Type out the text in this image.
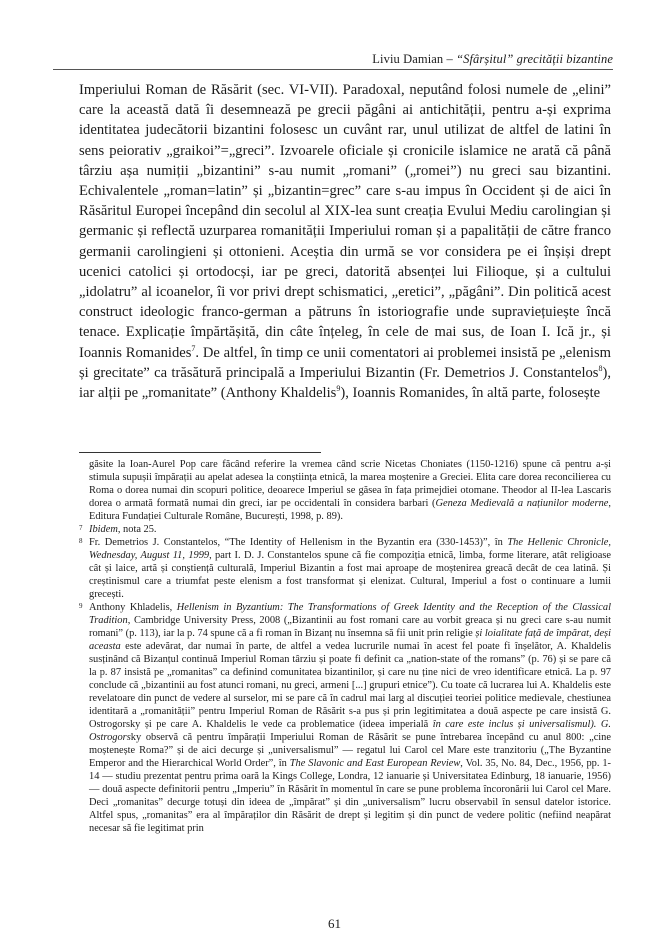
Liviu Damian – “Sfârșitul” grecității bizantine

Imperiului Roman de Răsărit (sec. VI-VII). Paradoxal, neputând folosi numele de „elini” care la această dată îi desemnează pe grecii păgâni ai antichității, pentru a-și exprima identitatea judecătorii bizantini folosesc un cuvânt rar, unul utilizat de altfel de latini în sens peiorativ „graikoi”=„greci”. Izvoarele oficiale și cronicile islamice ne arată că până târziu așa numiții „bizantini” s-au numit „romani” („romei”) nu greci sau bizantini. Echivalentele „roman=latin” și „bizantin=grec” care s-au impus în Occident și de aici în Răsăritul Europei începând din secolul al XIX-lea sunt creația Evului Mediu carolingian și germanic și reflectă uzurparea romanității Imperiului roman și a papalității de către franco germanii carolingieni și ottonieni. Aceștia din urmă se vor considera pe ei înșiși drept ucenici catolici și ortodocși, iar pe greci, datorită absenței lui Filioque, și a cultului „idolatru” al icoanelor, îi vor privi drept schismatici, „eretici”, „păgâni”. Din politică acest construct ideologic franco-german a pătruns în istoriografie unde supraviețuiește încă tenace. Explicație împărtășită, din câte înțeleg, în cele de mai sus, de Ioan I. Ică jr., și Ioannis Romanides$^7$. De altfel, în timp ce unii comentatori ai problemei insistă pe „elenism și grecitate” ca trăsătură principală a Imperiului Bizantin (Fr. Demetrios J. Constantelos$^8$), iar alții pe „romanitate” (Anthony Khaldelis$^9$), Ioannis Romanides, în altă parte, folosește

găsite la Ioan-Aurel Pop care făcând referire la vremea când scrie Nicetas Choniates (1150-1216) spune că pentru a-și stimula supușii împărații au apelat adesea la conștiința etnică, la marea moștenire a Greciei. Elita care dorea reconcilierea cu Roma o dorea numai din scopuri politice, deoarece Imperiul se găsea în fața primejdiei otomane. Theodor al II-lea Lascaris dorea o armată formată numai din greci, iar pe occidentali în considera barbari (Geneza Medievală a națiunilor moderne, Editura Fundației Culturale Române, București, 1998, p. 89).

7 Ibidem, nota 25.

8 Fr. Demetrios J. Constantelos, “The Identity of Hellenism in the Byzantin era (330-1453)”, în The Hellenic Chronicle, Wednesday, August 11, 1999, part I. D. J. Constantelos spune că fie compoziția etnică, limba, forme literare, atât religioase cât și laice, artă și conștiență culturală, Imperiul Bizantin a fost mai aproape de moștenirea greacă decât de cea latină. Și creștinismul care a triumfat peste elenism a fost transformat și elenizat. Cultural, Imperiul a fost o continuare a lumii grecești.

9 Anthony Khladelis, Hellenism in Byzantium: The Transformations of Greek Identity and the Reception of the Classical Tradition, Cambridge University Press, 2008 („Bizantinii au fost romani care au vorbit greaca și nu greci care s-au numit romani” (p. 113), iar la p. 74 spune că a fi roman în Bizanț nu însemna să fii unit prin religie și loialitate față de împărat, deși aceasta este adevărat, dar numai în parte, de altfel a vedea lucrurile numai în acest fel poate fi înșelător, A. Khaldelis susținând că Bizanțul continuă Imperiul Roman târziu și poate fi definit ca „nation-state of the romans” (p. 76) și se pare că la p. 87 insistă pe „romanitas” ca definind comunitatea bizantinilor, și care nu ține nici de vreo identificare etnică. La p. 97 conclude că „bizantinii au fost atunci romani, nu greci, armeni [...] grupuri etnice”). Cu toate că lucrarea lui A. Khaldelis este revelatoare din punct de vedere al surselor, mi se pare că în cadrul mai larg al discuției teoriei politice medievale, chestiunea identitară a „romanității” pentru Imperiul Roman de Răsărit s-a pus și prin legitimitatea a două aspecte pe care insistă G. Ostrogorsky și pe care A. Khaldelis le vede ca problematice (ideea imperială în care este inclus și universalismul). G. Ostrogorsky observă că pentru împărații Imperiului Roman de Răsărit se pune întrebarea începând cu anul 800: „cine moștenește Roma?” și de aici decurge și „universalismul” — regatul lui Carol cel Mare este tranzitoriu („The Byzantine Emperor and the Hierarchical World Order”, în The Slavonic and East European Review, Vol. 35, No. 84, Dec., 1956, pp. 1-14 — studiu prezentat pentru prima oară la Kings College, Londra, 12 ianuarie și Universitatea Edinburg, 18 ianuarie, 1956) — două aspecte definitorii pentru „Imperiu” în Răsărit în momentul în care se pune problema încoronării lui Carol cel Mare. Deci „romanitas” decurge totuși din ideea de „împărat” și din „universalism” lucru observabil în sensul datelor istorice. Altfel spus, „romanitas” era al împăraților din Răsărit de drept și legitim și din punct de vedere politic (nefiind neapărat necesar să fie legitimat prin

61
